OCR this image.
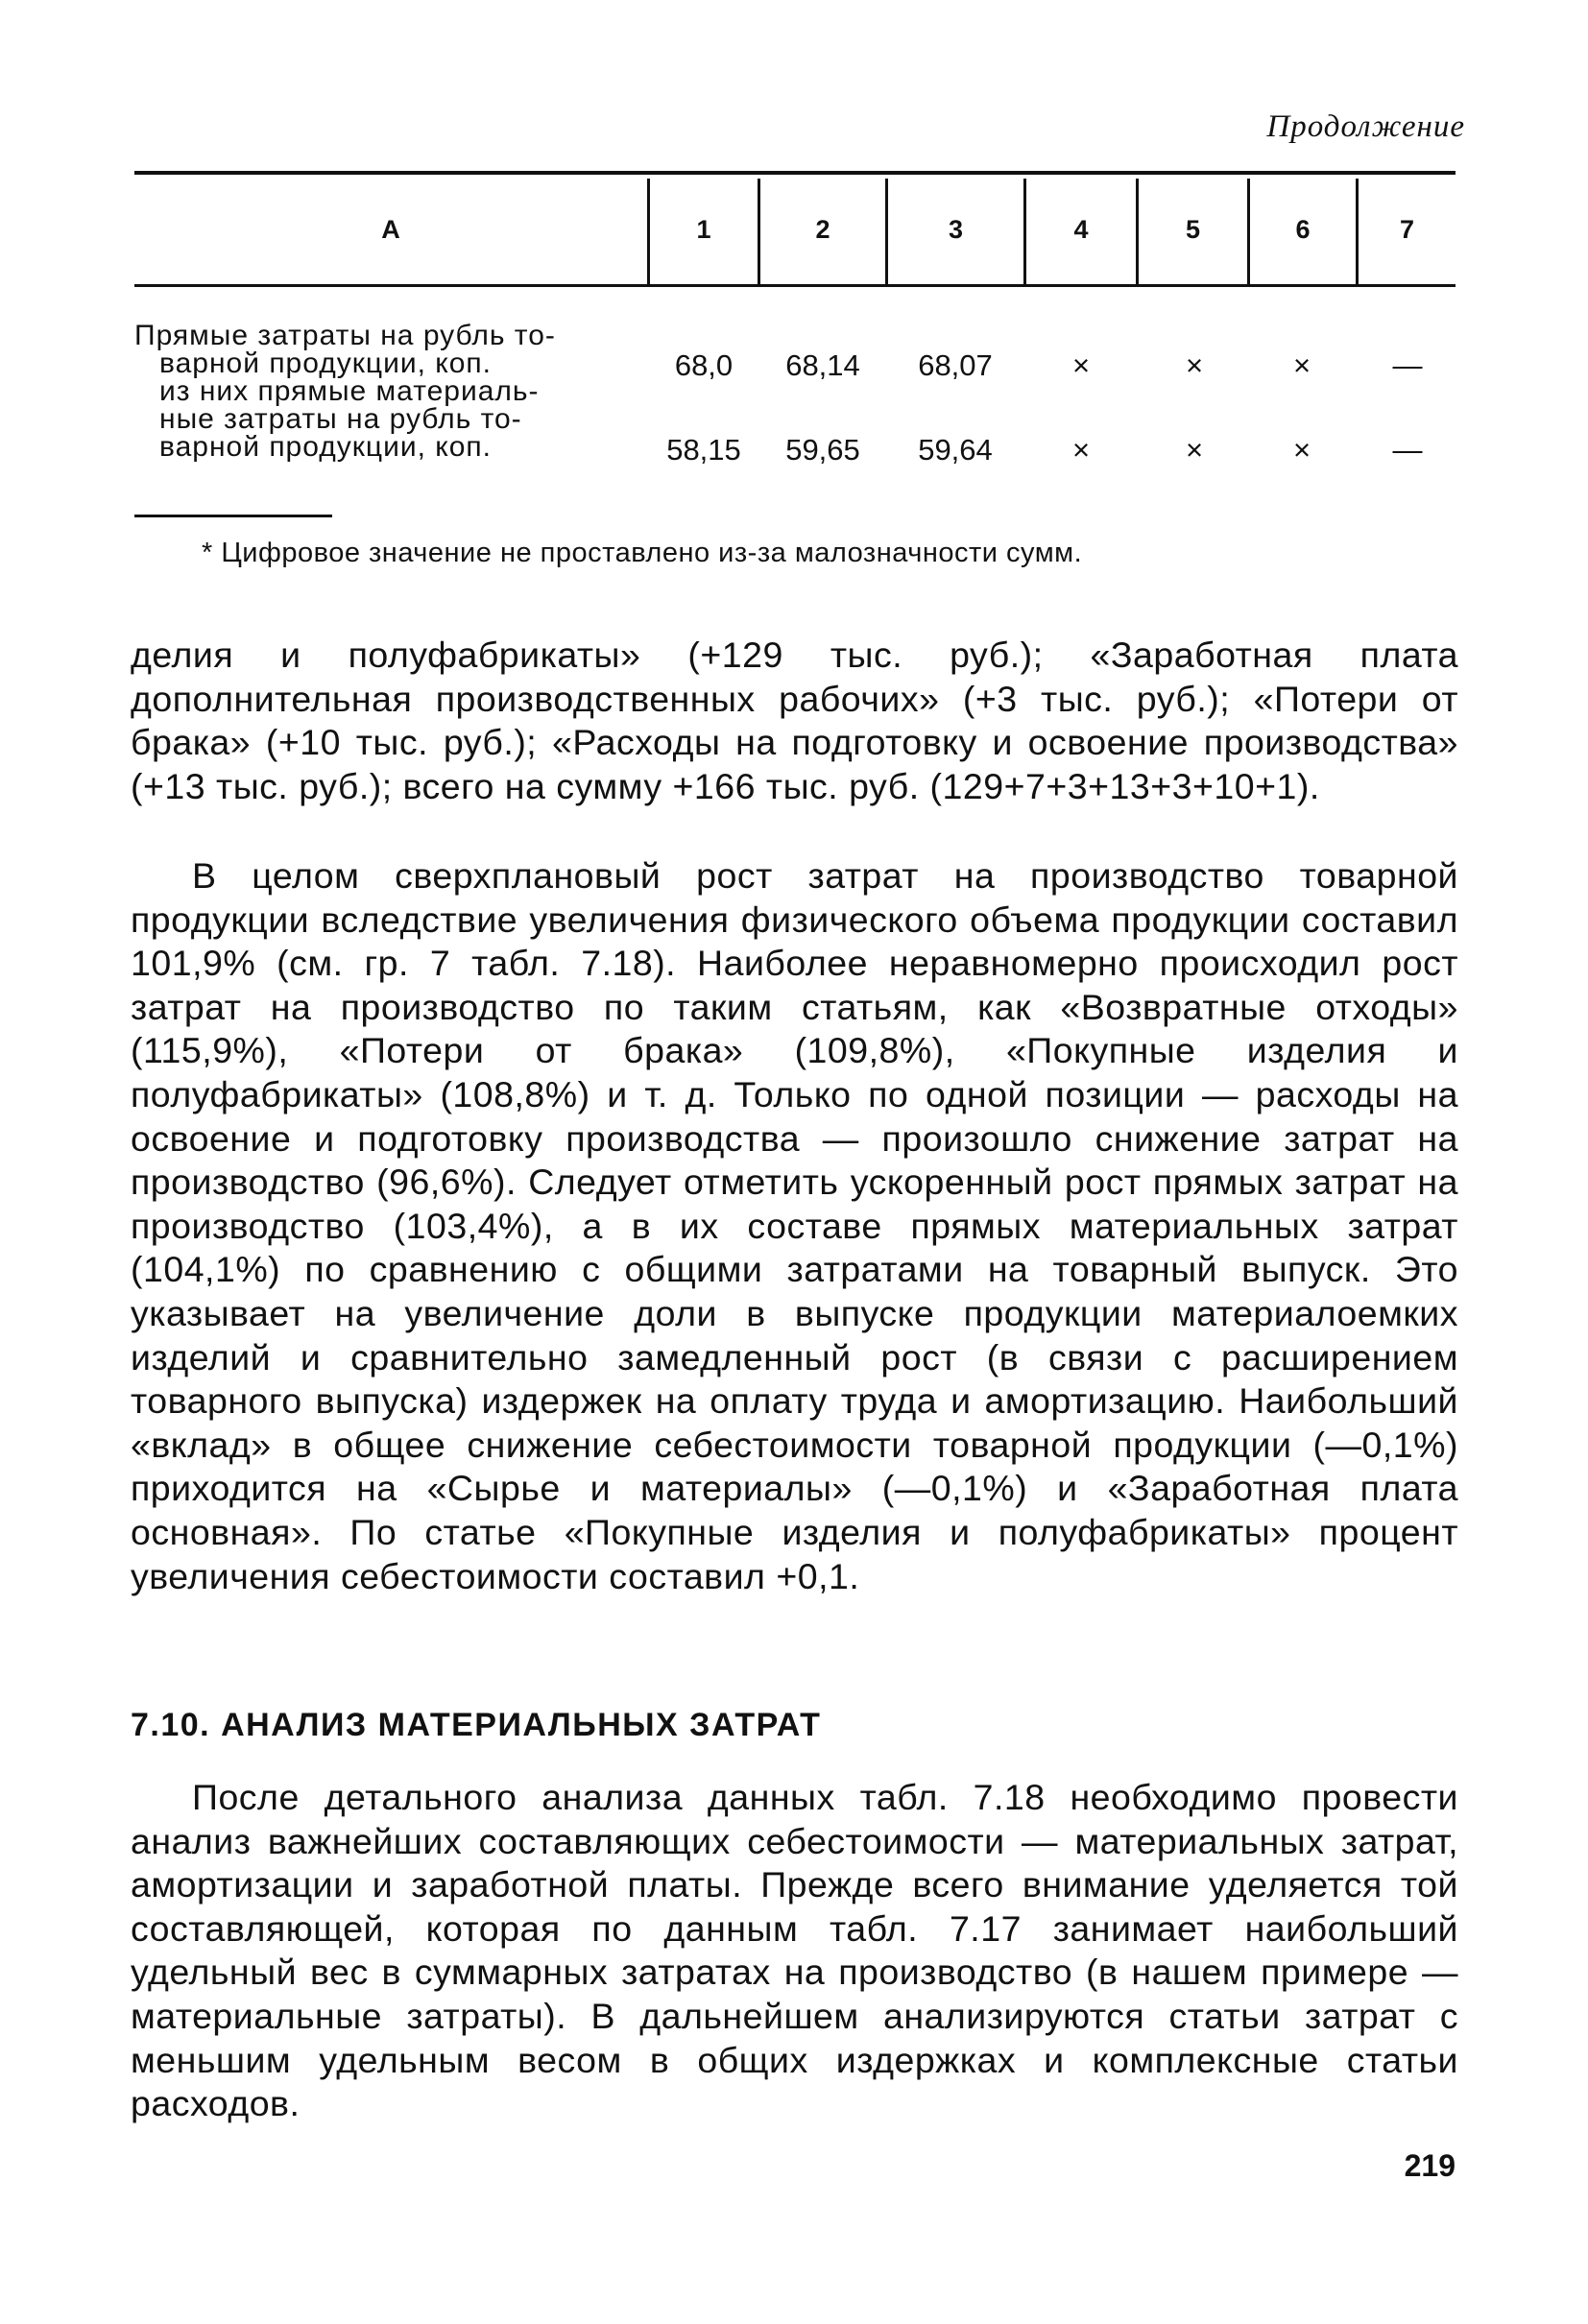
Продолжение
А	1	2	3	4	5	6	7
Прямые затраты на рубль то-
варной продукции, коп.	68,0	68,14	68,07	×	×	×	—
из них прямые материаль-
ные затраты на рубль то-
варной продукции, коп.	58,15	59,65	59,64	×	×	×	—
* Цифровое значение не проставлено из-за малозначности сумм.

делия и полуфабрикаты» (+129 тыс. руб.); «Заработная плата дополнительная производственных рабочих» (+3 тыс. руб.); «Потери от брака» (+10 тыс. руб.); «Расходы на подготовку и освоение производства» (+13 тыс. руб.); всего на сумму +166 тыс. руб. (129+7+3+13+3+10+1).

В целом сверхплановый рост затрат на производство товарной продукции вследствие увеличения физического объема продукции составил 101,9% (см. гр. 7 табл. 7.18). Наиболее неравномерно происходил рост затрат на производство по таким статьям, как «Возвратные отходы» (115,9%), «Потери от брака» (109,8%), «Покупные изделия и полуфабрикаты» (108,8%) и т. д. Только по одной позиции — расходы на освоение и подготовку производства — произошло снижение затрат на производство (96,6%). Следует отметить ускоренный рост прямых затрат на производство (103,4%), а в их составе прямых материальных затрат (104,1%) по сравнению с общими затратами на товарный выпуск. Это указывает на увеличение доли в выпуске продукции материалоемких изделий и сравнительно замедленный рост (в связи с расширением товарного выпуска) издержек на оплату труда и амортизацию. Наибольший «вклад» в общее снижение себестоимости товарной продукции (—0,1%) приходится на «Сырье и материалы» (—0,1%) и «Заработная плата основная». По статье «Покупные изделия и полуфабрикаты» процент увеличения себестоимости составил +0,1.

7.10. АНАЛИЗ МАТЕРИАЛЬНЫХ ЗАТРАТ

После детального анализа данных табл. 7.18 необходимо провести анализ важнейших составляющих себестоимости — материальных затрат, амортизации и заработной платы. Прежде всего внимание уделяется той составляющей, которая по данным табл. 7.17 занимает наибольший удельный вес в суммарных затратах на производство (в нашем примере — материальные затраты). В дальнейшем анализируются статьи затрат с меньшим удельным весом в общих издержках и комплексные статьи расходов.

219
